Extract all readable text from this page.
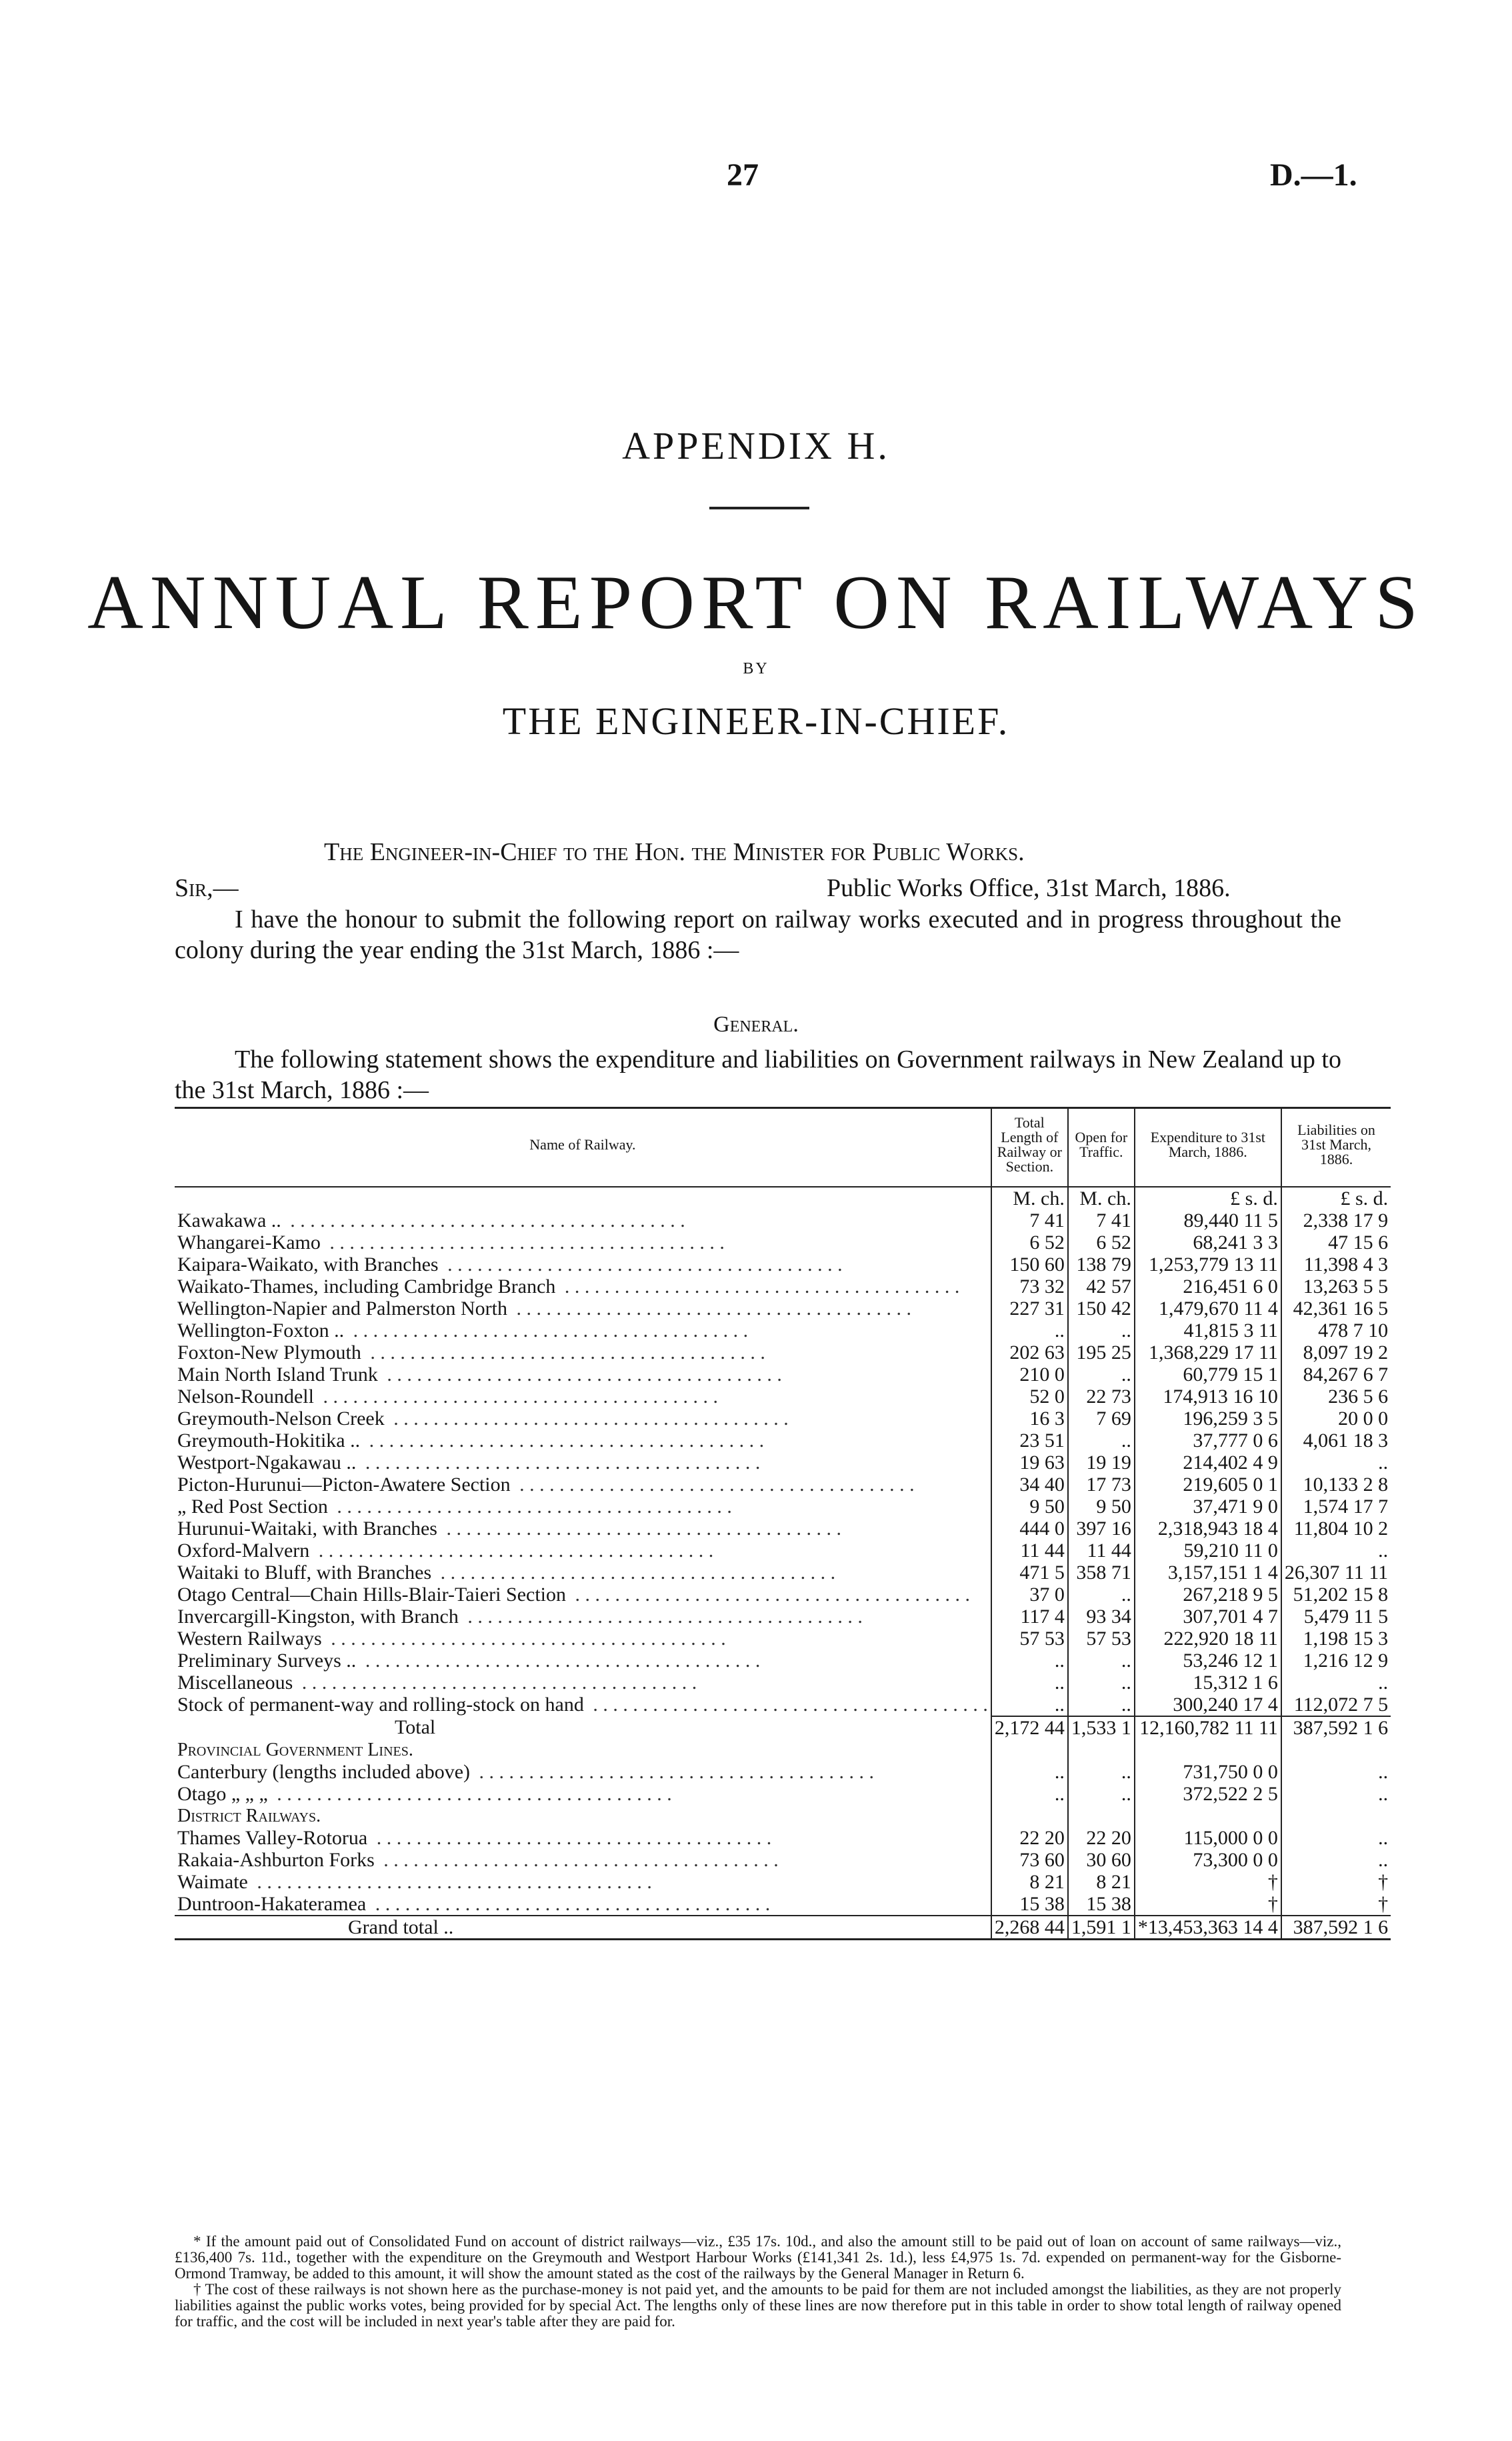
27	D.—1.
APPENDIX H.
ANNUAL REPORT ON RAILWAYS
BY
THE ENGINEER-IN-CHIEF.
The Engineer-in-Chief to the Hon. the Minister for Public Works.
Sir,—	Public Works Office, 31st March, 1886.
I have the honour to submit the following report on railway works executed and in progress throughout the colony during the year ending the 31st March, 1886 :—
General.
The following statement shows the expenditure and liabilities on Government railways in New Zealand up to the 31st March, 1886 :—
Name of Railway.	Total Length of Railway or Section.	Open for Traffic.	Expenditure to 31st March, 1886.	Liabilities on 31st March, 1886.
	M. ch.	M. ch.	£ s. d.	£ s. d.
Kawakawa .. . . . . . . . . . . . . . . . . . . . . . . . . . . . . . . . . . . . . . . . .	7 41	7 41	89,440 11 5	2,338 17 9
Whangarei-Kamo . . . . . . . . . . . . . . . . . . . . . . . . . . . . . . . . . . . . . . . .	6 52	6 52	68,241 3 3	47 15 6
Kaipara-Waikato, with Branches . . . . . . . . . . . . . . . . . . . . . . . . . . . . . . . . . . . . . . . .	150 60	138 79	1,253,779 13 11	11,398 4 3
Waikato-Thames, including Cambridge Branch . . . . . . . . . . . . . . . . . . . . . . . . . . . . . . . . . . . . . . . .	73 32	42 57	216,451 6 0	13,263 5 5
Wellington-Napier and Palmerston North . . . . . . . . . . . . . . . . . . . . . . . . . . . . . . . . . . . . . . . .	227 31	150 42	1,479,670 11 4	42,361 16 5
Wellington-Foxton .. . . . . . . . . . . . . . . . . . . . . . . . . . . . . . . . . . . . . . . . .	..	..	41,815 3 11	478 7 10
Foxton-New Plymouth . . . . . . . . . . . . . . . . . . . . . . . . . . . . . . . . . . . . . . . .	202 63	195 25	1,368,229 17 11	8,097 19 2
Main North Island Trunk . . . . . . . . . . . . . . . . . . . . . . . . . . . . . . . . . . . . . . . .	210 0	..	60,779 15 1	84,267 6 7
Nelson-Roundell . . . . . . . . . . . . . . . . . . . . . . . . . . . . . . . . . . . . . . . .	52 0	22 73	174,913 16 10	236 5 6
Greymouth-Nelson Creek . . . . . . . . . . . . . . . . . . . . . . . . . . . . . . . . . . . . . . . .	16 3	7 69	196,259 3 5	20 0 0
Greymouth-Hokitika .. . . . . . . . . . . . . . . . . . . . . . . . . . . . . . . . . . . . . . . . .	23 51	..	37,777 0 6	4,061 18 3
Westport-Ngakawau .. . . . . . . . . . . . . . . . . . . . . . . . . . . . . . . . . . . . . . . . .	19 63	19 19	214,402 4 9	..
Picton-Hurunui—Picton-Awatere Section . . . . . . . . . . . . . . . . . . . . . . . . . . . . . . . . . . . . . . . .	34 40	17 73	219,605 0 1	10,133 2 8
„ Red Post Section . . . . . . . . . . . . . . . . . . . . . . . . . . . . . . . . . . . . . . . .	9 50	9 50	37,471 9 0	1,574 17 7
Hurunui-Waitaki, with Branches . . . . . . . . . . . . . . . . . . . . . . . . . . . . . . . . . . . . . . . .	444 0	397 16	2,318,943 18 4	11,804 10 2
Oxford-Malvern . . . . . . . . . . . . . . . . . . . . . . . . . . . . . . . . . . . . . . . .	11 44	11 44	59,210 11 0	..
Waitaki to Bluff, with Branches . . . . . . . . . . . . . . . . . . . . . . . . . . . . . . . . . . . . . . . .	471 5	358 71	3,157,151 1 4	26,307 11 11
Otago Central—Chain Hills-Blair-Taieri Section . . . . . . . . . . . . . . . . . . . . . . . . . . . . . . . . . . . . . . . .	37 0	..	267,218 9 5	51,202 15 8
Invercargill-Kingston, with Branch . . . . . . . . . . . . . . . . . . . . . . . . . . . . . . . . . . . . . . . .	117 4	93 34	307,701 4 7	5,479 11 5
Western Railways . . . . . . . . . . . . . . . . . . . . . . . . . . . . . . . . . . . . . . . .	57 53	57 53	222,920 18 11	1,198 15 3
Preliminary Surveys .. . . . . . . . . . . . . . . . . . . . . . . . . . . . . . . . . . . . . . . . .	..	..	53,246 12 1	1,216 12 9
Miscellaneous . . . . . . . . . . . . . . . . . . . . . . . . . . . . . . . . . . . . . . . .	..	..	15,312 1 6	..
Stock of permanent-way and rolling-stock on hand . . . . . . . . . . . . . . . . . . . . . . . . . . . . . . . . . . . . . . . .	..	..	300,240 17 4	112,072 7 5
Total	2,172 44	1,533 1	12,160,782 11 11	387,592 1 6
Provincial Government Lines.				
Canterbury (lengths included above) . . . . . . . . . . . . . . . . . . . . . . . . . . . . . . . . . . . . . . . .	..	..	731,750 0 0	..
Otago „ „ „ . . . . . . . . . . . . . . . . . . . . . . . . . . . . . . . . . . . . . . . .	..	..	372,522 2 5	..
District Railways.				
Thames Valley-Rotorua . . . . . . . . . . . . . . . . . . . . . . . . . . . . . . . . . . . . . . . .	22 20	22 20	115,000 0 0	..
Rakaia-Ashburton Forks . . . . . . . . . . . . . . . . . . . . . . . . . . . . . . . . . . . . . . . .	73 60	30 60	73,300 0 0	..
Waimate . . . . . . . . . . . . . . . . . . . . . . . . . . . . . . . . . . . . . . . .	8 21	8 21	†	†
Duntroon-Hakateramea . . . . . . . . . . . . . . . . . . . . . . . . . . . . . . . . . . . . . . . .	15 38	15 38	†	†
Grand total ..	2,268 44	1,591 1	*13,453,363 14 4	387,592 1 6

* If the amount paid out of Consolidated Fund on account of district railways—viz., £35 17s. 10d., and also the amount still to be paid out of loan on account of same railways—viz., £136,400 7s. 11d., together with the expenditure on the Greymouth and Westport Harbour Works (£141,341 2s. 1d.), less £4,975 1s. 7d. expended on permanent-way for the Gisborne-Ormond Tramway, be added to this amount, it will show the amount stated as the cost of the railways by the General Manager in Return 6.

† The cost of these railways is not shown here as the purchase-money is not paid yet, and the amounts to be paid for them are not included amongst the liabilities, as they are not properly liabilities against the public works votes, being provided for by special Act. The lengths only of these lines are now therefore put in this table in order to show total length of railway opened for traffic, and the cost will be included in next year's table after they are paid for.
